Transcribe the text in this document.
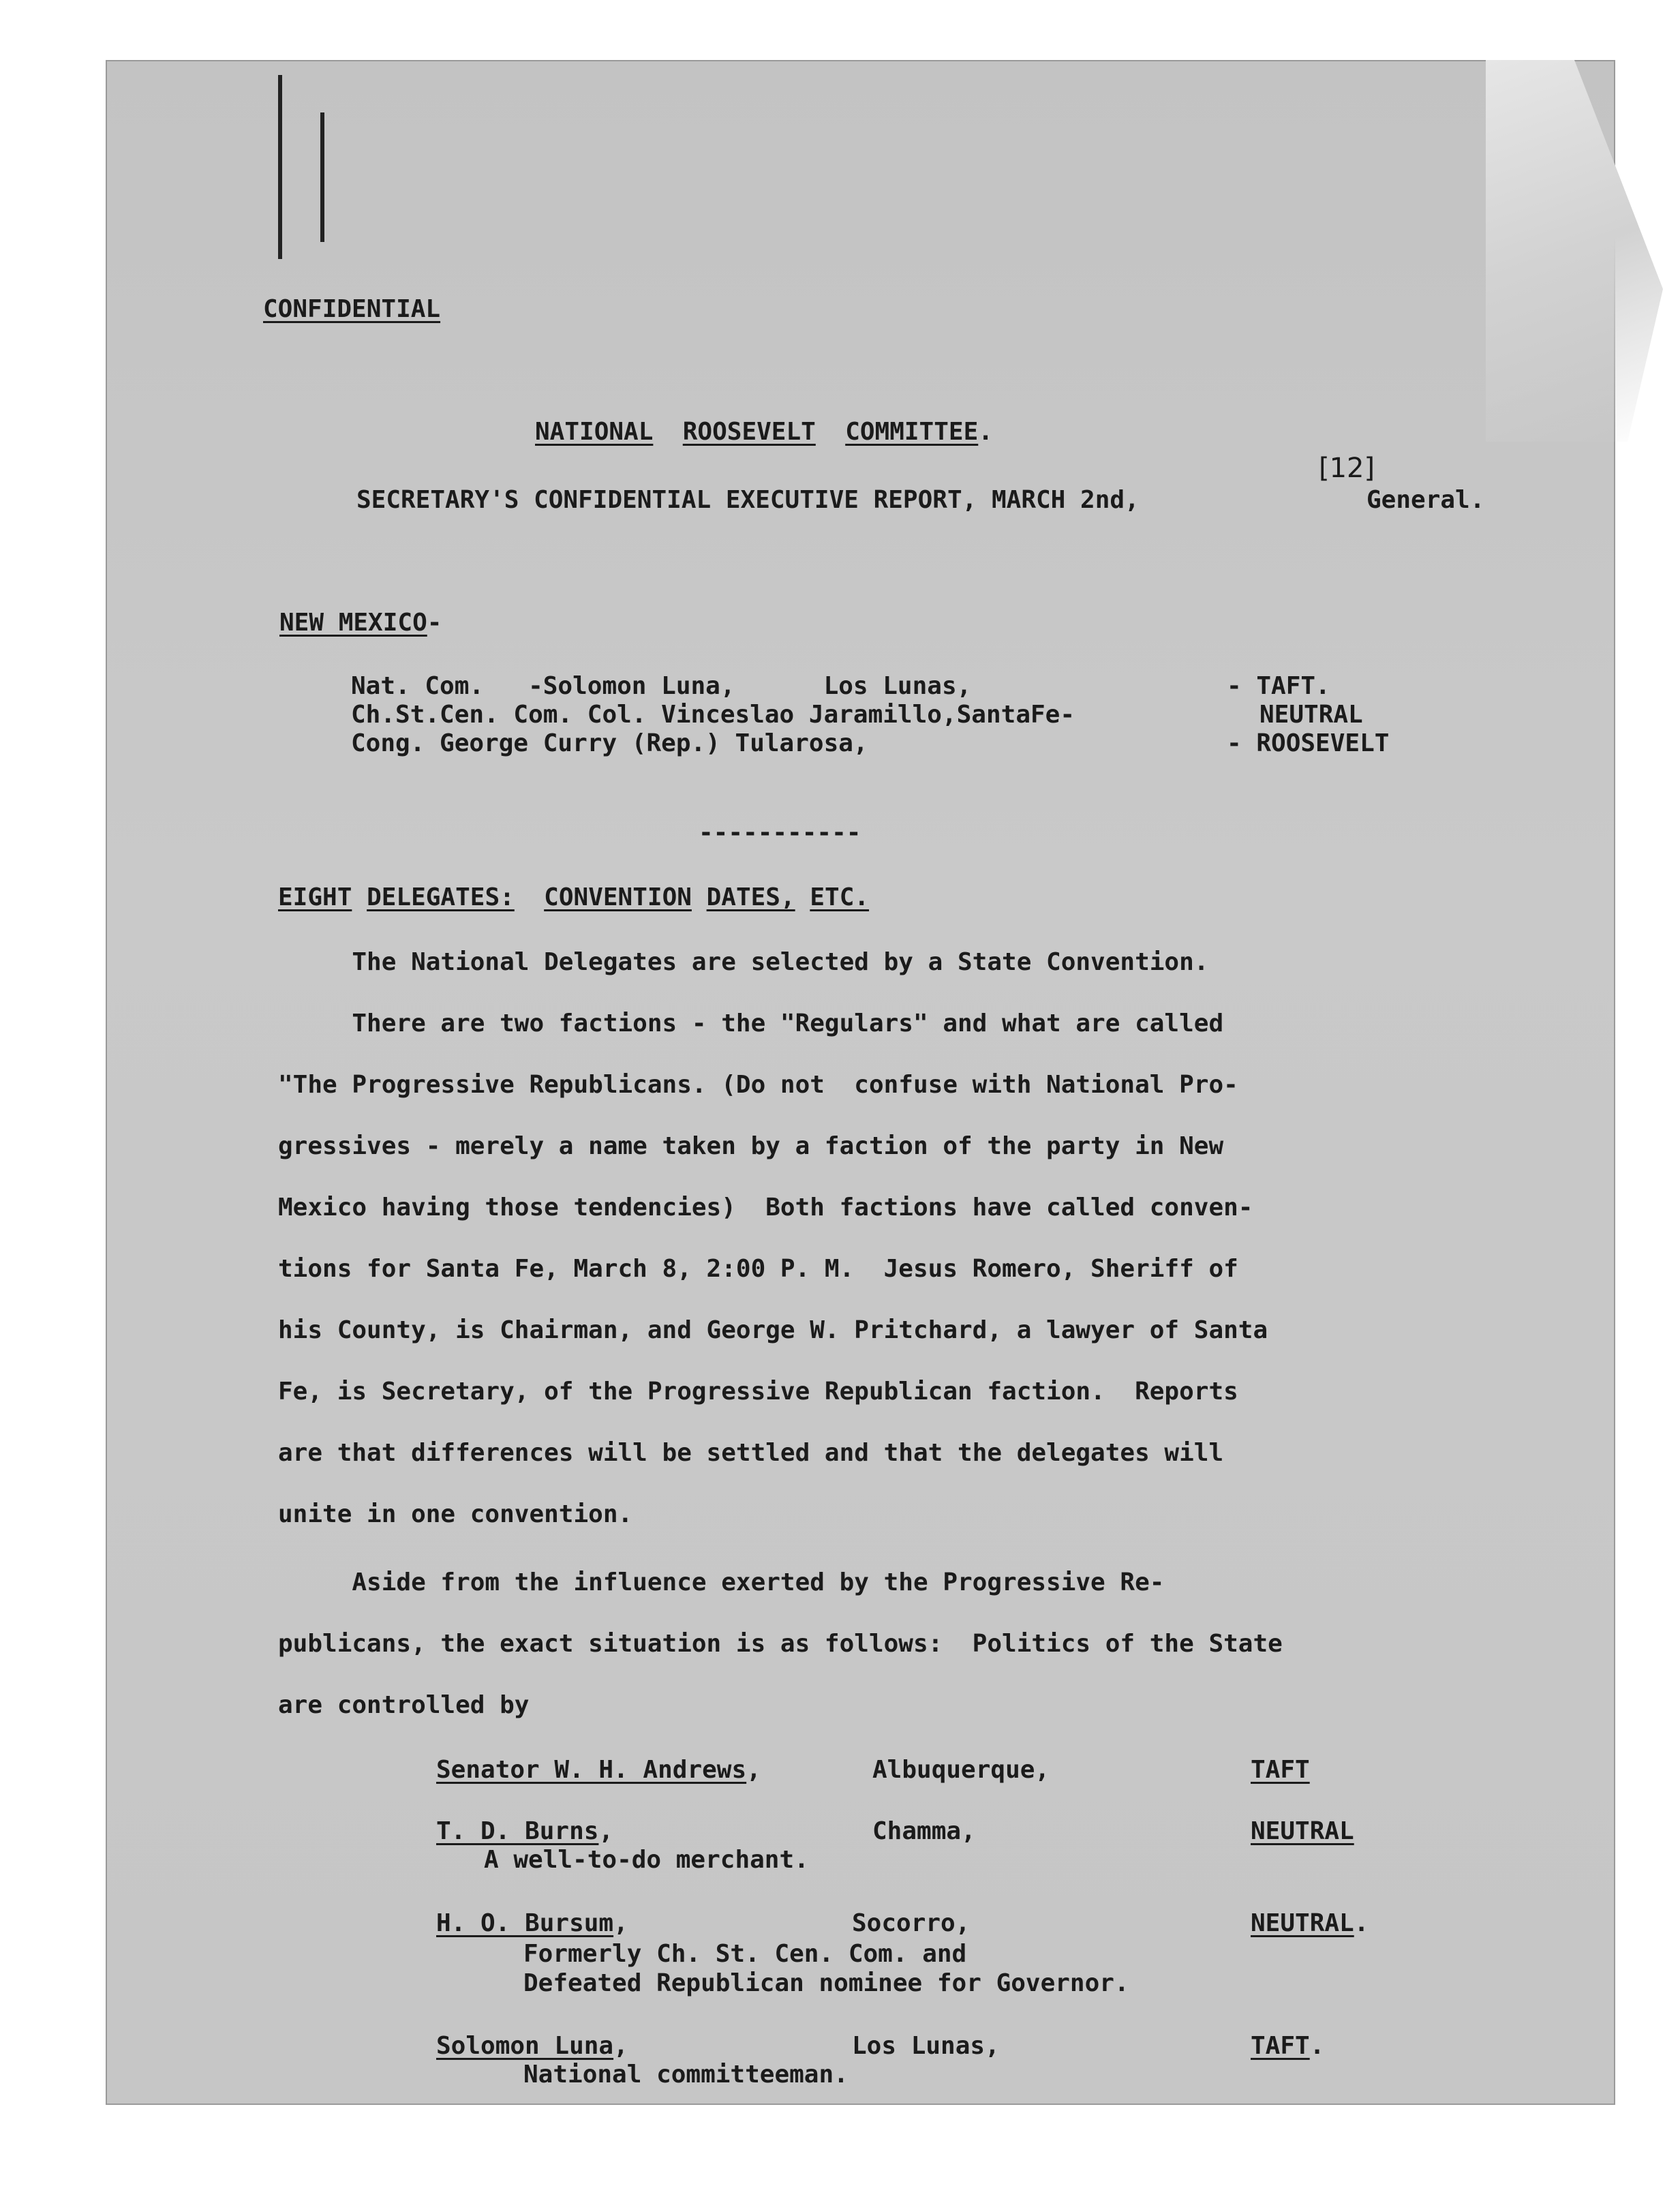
CONFIDENTIAL
NATIONAL ROOSEVELT COMMITTEE.
SECRETARY'S CONFIDENTIAL EXECUTIVE REPORT, MARCH 2nd,
[12]
General.
NEW MEXICO-
Nat. Com.   -Solomon Luna,      Los Lunas,	- TAFT.
Ch.St.Cen. Com. Col. Vinceslao Jaramillo,SantaFe-	NEUTRAL
Cong. George Curry (Rep.) Tularosa,	- ROOSEVELT
-----------
EIGHT DELEGATES: CONVENTION DATES, ETC.
The National Delegates are selected by a State Convention.
There are two factions - the "Regulars" and what are called
"The Progressive Republicans. (Do not  confuse with National Pro-
gressives - merely a name taken by a faction of the party in New
Mexico having those tendencies)  Both factions have called conven-
tions for Santa Fe, March 8, 2:00 P. M.  Jesus Romero, Sheriff of
his County, is Chairman, and George W. Pritchard, a lawyer of Santa
Fe, is Secretary, of the Progressive Republican faction.  Reports
are that differences will be settled and that the delegates will
unite in one convention.
Aside from the influence exerted by the Progressive Re-
publicans, the exact situation is as follows:  Politics of the State
are controlled by
Senator W. H. Andrews,	Albuquerque,	TAFT
T. D. Burns,	Chamma,	NEUTRAL
A well-to-do merchant.
H. O. Bursum,	Socorro,	NEUTRAL.
Formerly Ch. St. Cen. Com. and
Defeated Republican nominee for Governor.
Solomon Luna,	Los Lunas,	TAFT.
National committeeman.
